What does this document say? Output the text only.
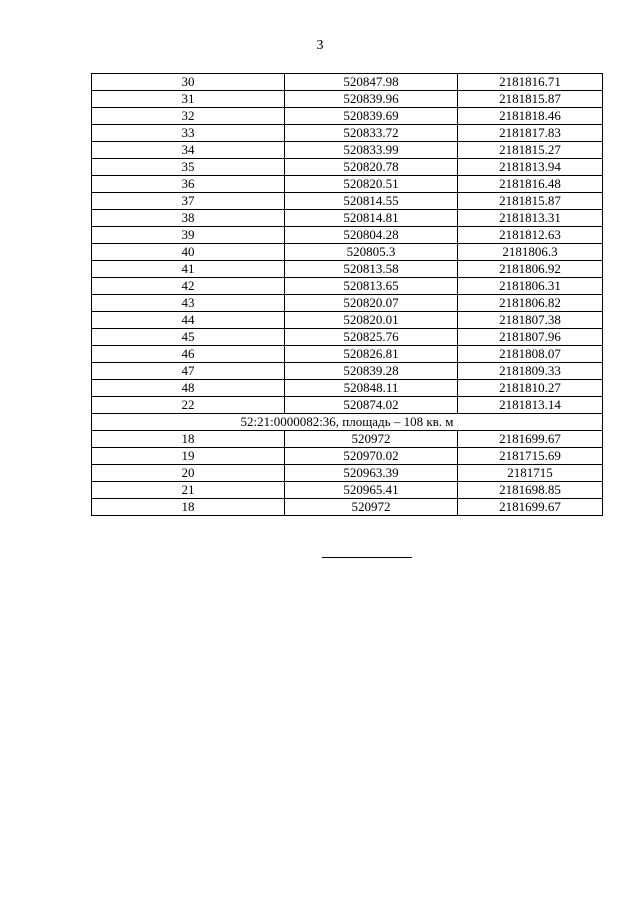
3
30	520847.98	2181816.71
31	520839.96	2181815.87
32	520839.69	2181818.46
33	520833.72	2181817.83
34	520833.99	2181815.27
35	520820.78	2181813.94
36	520820.51	2181816.48
37	520814.55	2181815.87
38	520814.81	2181813.31
39	520804.28	2181812.63
40	520805.3	2181806.3
41	520813.58	2181806.92
42	520813.65	2181806.31
43	520820.07	2181806.82
44	520820.01	2181807.38
45	520825.76	2181807.96
46	520826.81	2181808.07
47	520839.28	2181809.33
48	520848.11	2181810.27
22	520874.02	2181813.14
52:21:0000082:36, площадь – 108 кв. м		
18	520972	2181699.67
19	520970.02	2181715.69
20	520963.39	2181715
21	520965.41	2181698.85
18	520972	2181699.67
